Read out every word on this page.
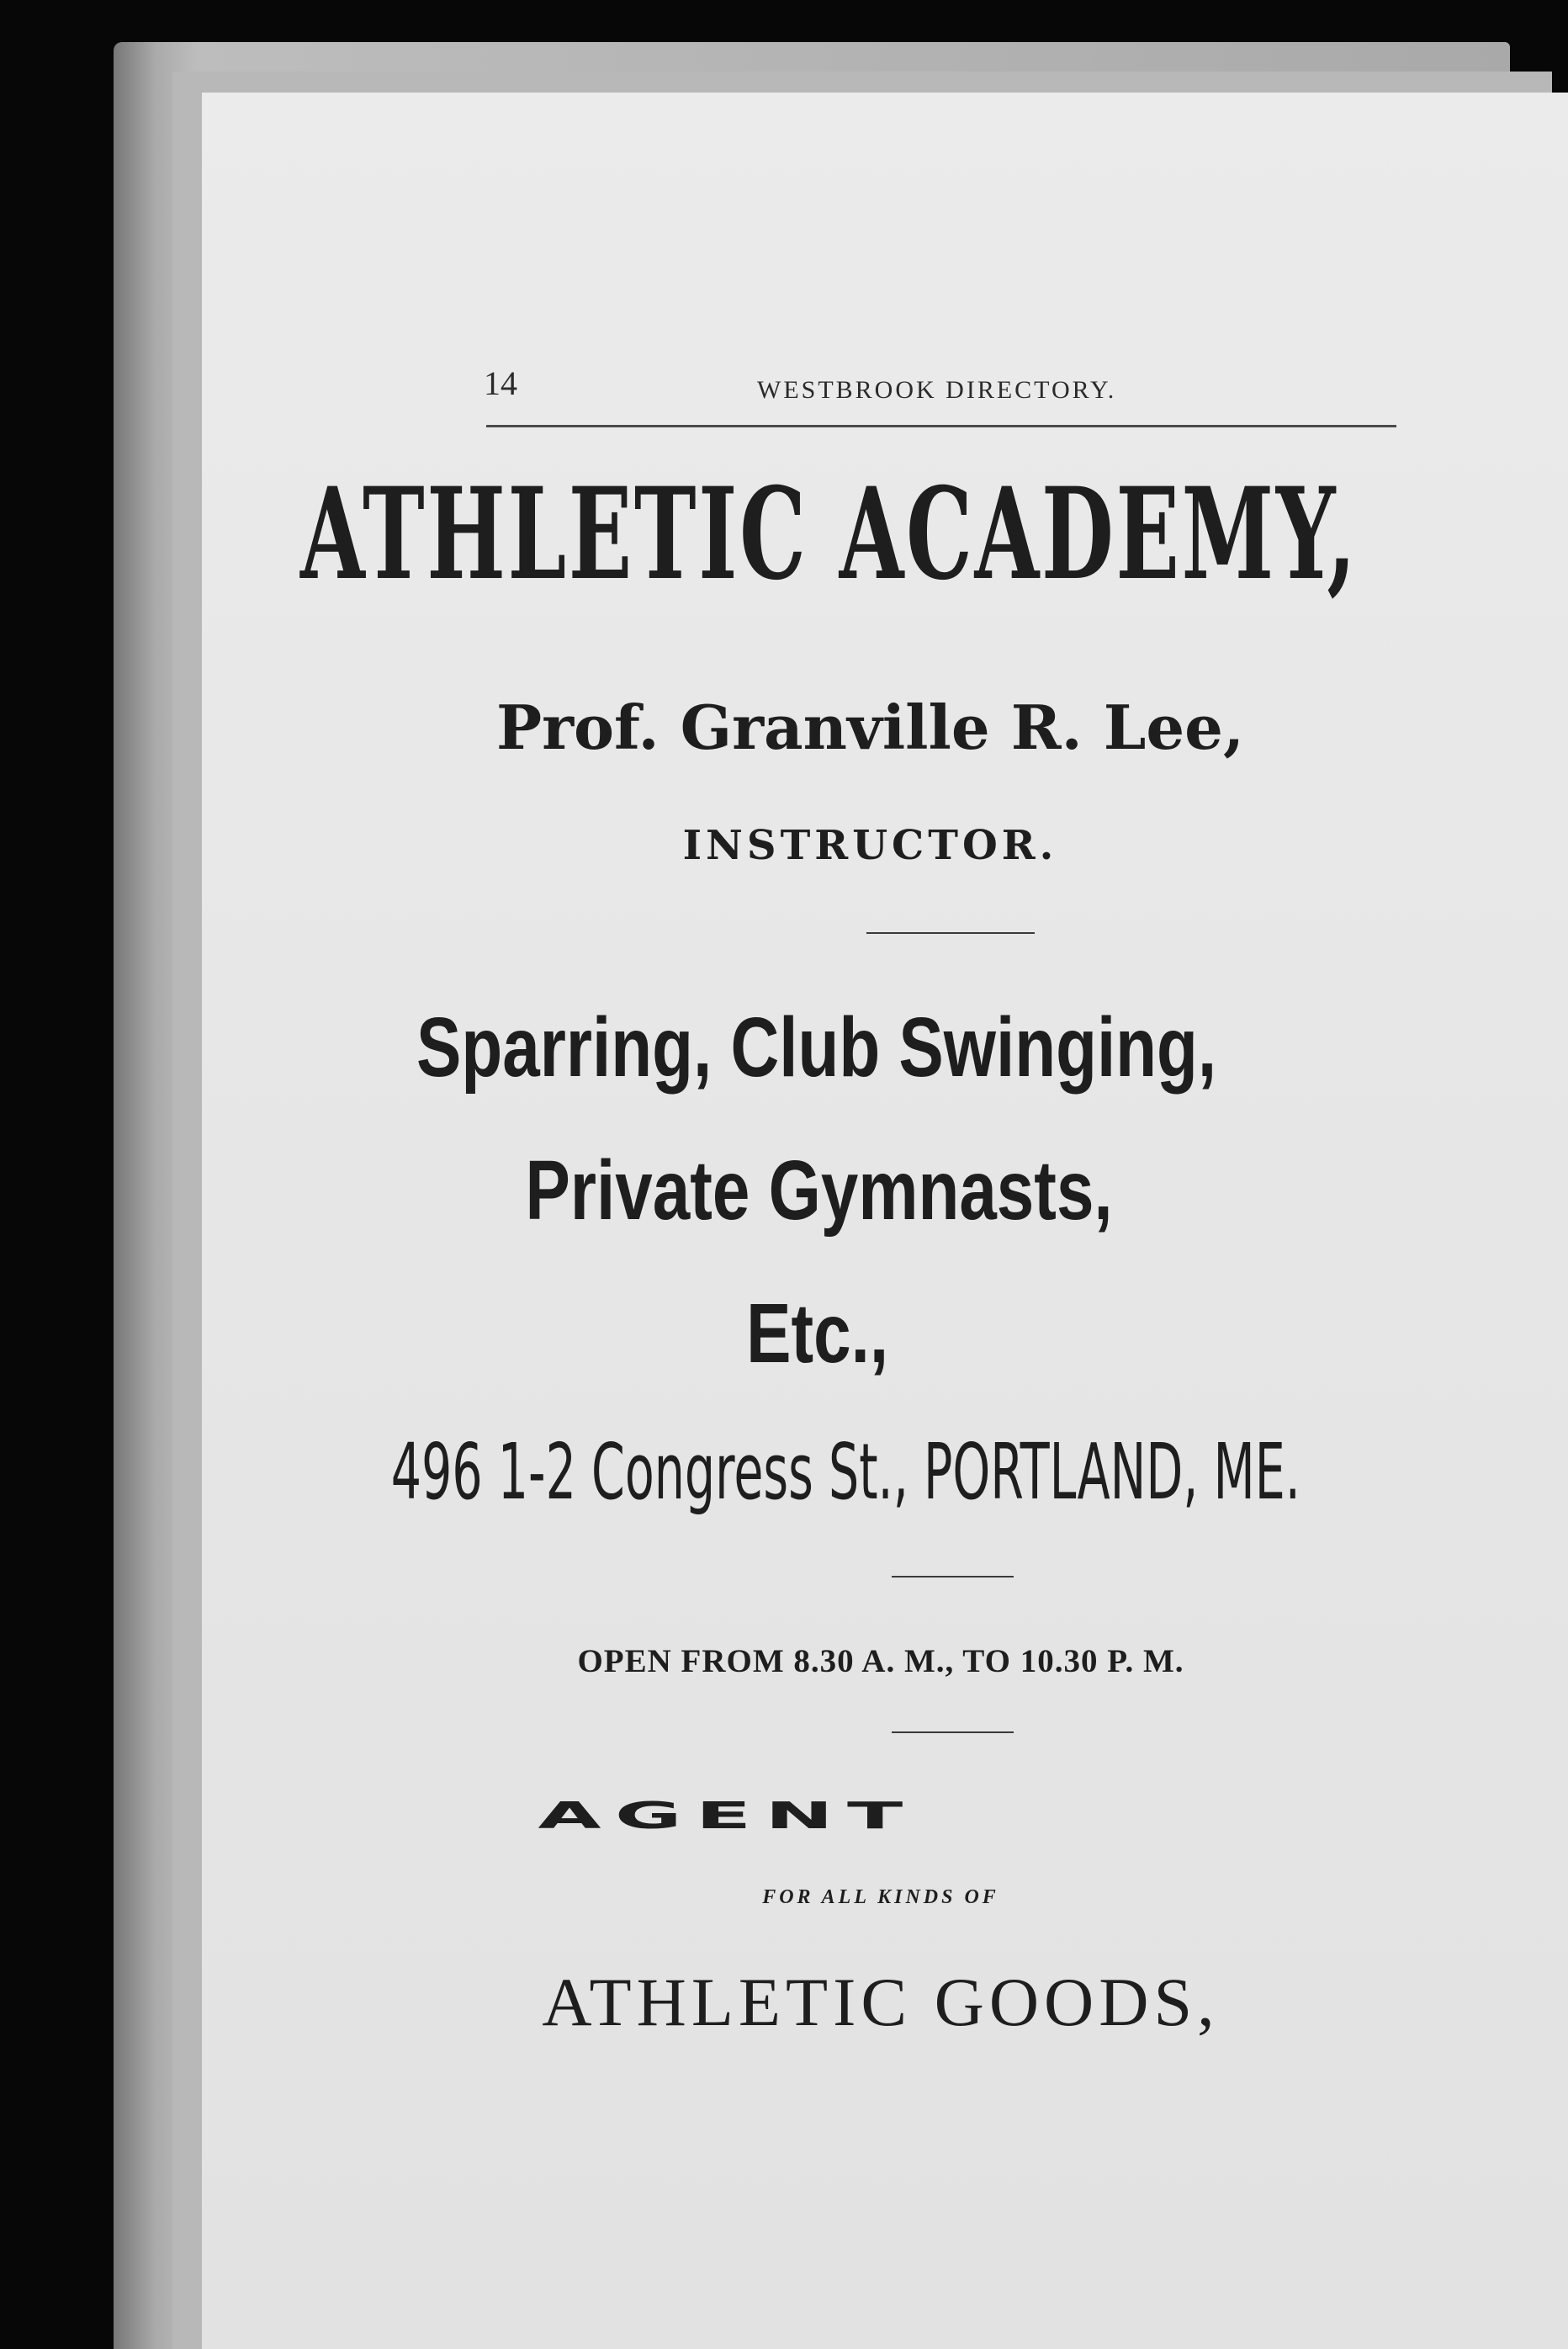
14	WESTBROOK DIRECTORY.
ATHLETIC ACADEMY,
Prof. Granville R. Lee,
INSTRUCTOR.
Sparring, Club Swinging,
Private Gymnasts,
Etc.,
496 1-2 Congress St., PORTLAND, ME.
OPEN FROM 8.30 A. M., TO 10.30 P. M.
AGENT
FOR ALL KINDS OF
ATHLETIC GOODS,
